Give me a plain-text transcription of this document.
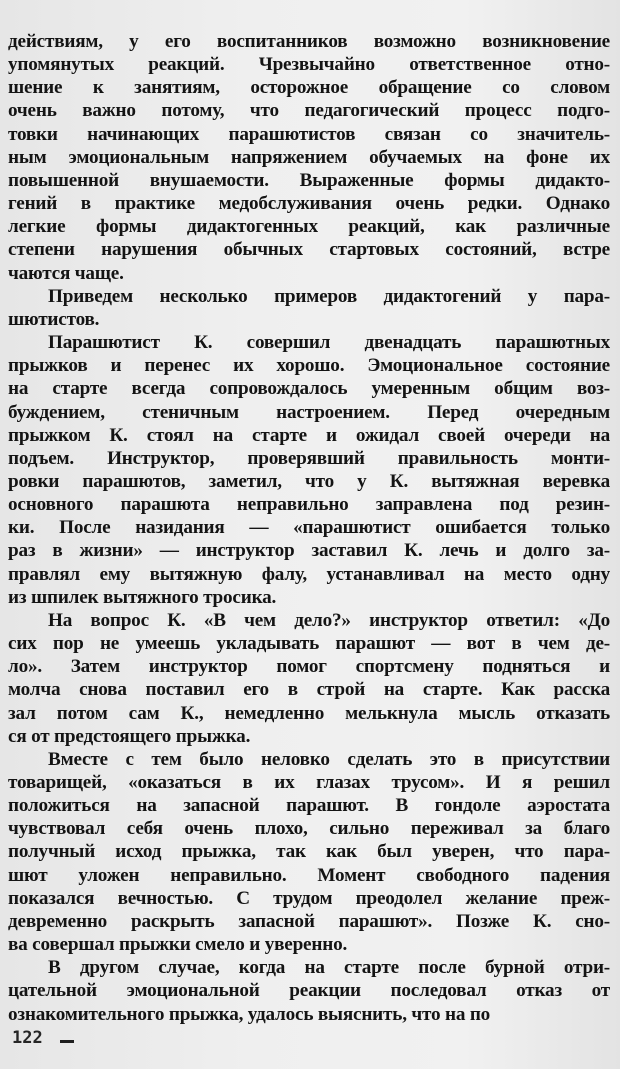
действиям, у его воспитанников возможно возникновение
упомянутых реакций. Чрезвычайно ответственное отно-
шение к занятиям, осторожное обращение со словом
очень важно потому, что педагогический процесс подго-
товки начинающих парашютистов связан со значитель-
ным эмоциональным напряжением обучаемых на фоне их
повышенной внушаемости. Выраженные формы дидакто-
гений в практике медобслуживания очень редки. Однако
легкие формы дидактогенных реакций, как различные
степени нарушения обычных стартовых состояний, встре
чаются чаще.
Приведем несколько примеров дидактогений у пара-
шютистов.
Парашютист К. совершил двенадцать парашютных
прыжков и перенес их хорошо. Эмоциональное состояние
на старте всегда сопровождалось умеренным общим воз-
буждением, стеничным настроением. Перед очередным
прыжком К. стоял на старте и ожидал своей очереди на
подъем. Инструктор, проверявший правильность монти-
ровки парашютов, заметил, что у К. вытяжная веревка
основного парашюта неправильно заправлена под резин-
ки. После назидания — «парашютист ошибается только
раз в жизни» — инструктор заставил К. лечь и долго за-
правлял ему вытяжную фалу, устанавливал на место одну
из шпилек вытяжного тросика.
На вопрос К. «В чем дело?» инструктор ответил: «До
сих пор не умеешь укладывать парашют — вот в чем де-
ло». Затем инструктор помог спортсмену подняться и
молча снова поставил его в строй на старте. Как расска
зал потом сам К., немедленно мелькнула мысль отказать
ся от предстоящего прыжка.
Вместе с тем было неловко сделать это в присутствии
товарищей, «оказаться в их глазах трусом». И я решил
положиться на запасной парашют. В гондоле аэростата
чувствовал себя очень плохо, сильно переживал за благо
получный исход прыжка, так как был уверен, что пара-
шют уложен неправильно. Момент свободного падения
показался вечностью. С трудом преодолел желание преж-
девременно раскрыть запасной парашют». Позже К. сно-
ва совершал прыжки смело и уверенно.
В другом случае, когда на старте после бурной отри-
цательной эмоциональной реакции последовал отказ от
ознакомительного прыжка, удалось выяснить, что на по
122
